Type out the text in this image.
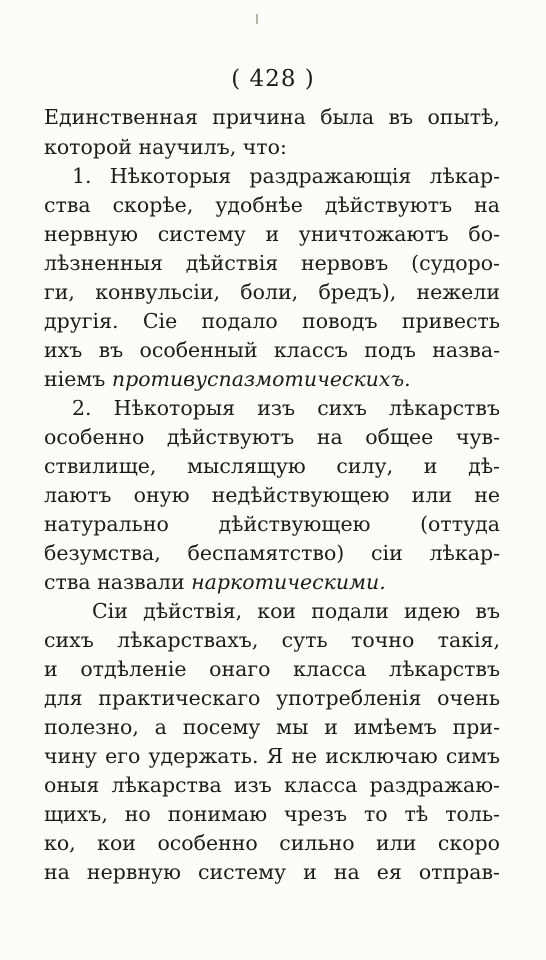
( 428 )
Единственная причина была въ опытѣ,
которой научилъ, что:
1. Нѣкоторыя раздражающія лѣкар-
ства скорѣе, удобнѣе дѣйствуютъ на
нервную систему и уничтожаютъ бо-
лѣзненныя дѣйствія нервовъ (судоро-
ги, конвульсіи, боли, бредъ), нежели
другія. Сіе подало поводъ привесть
ихъ въ особенный классъ подъ назва-
ніемъ противуспазмотическихъ.
2. Нѣкоторыя изъ сихъ лѣкарствъ
особенно дѣйствуютъ на общее чув-
ствилище, мыслящую силу, и дѣ-
лаютъ оную недѣйствующею или не
натурально дѣйствующею (оттуда
безумства, беспамятство) сіи лѣкар-
ства назвали наркотическими.
Сіи дѣйствія, кои подали идею въ
сихъ лѣкарствахъ, суть точно такія,
и отдѣленіе онаго класса лѣкарствъ
для практическаго употребленія очень
полезно, а посему мы и имѣемъ при-
чину его удержать. Я не исключаю симъ
оныя лѣкарства изъ класса раздражаю-
щихъ, но понимаю чрезъ то тѣ толь-
ко, кои особенно сильно или скоро
на нервную систему и на ея отправ-
